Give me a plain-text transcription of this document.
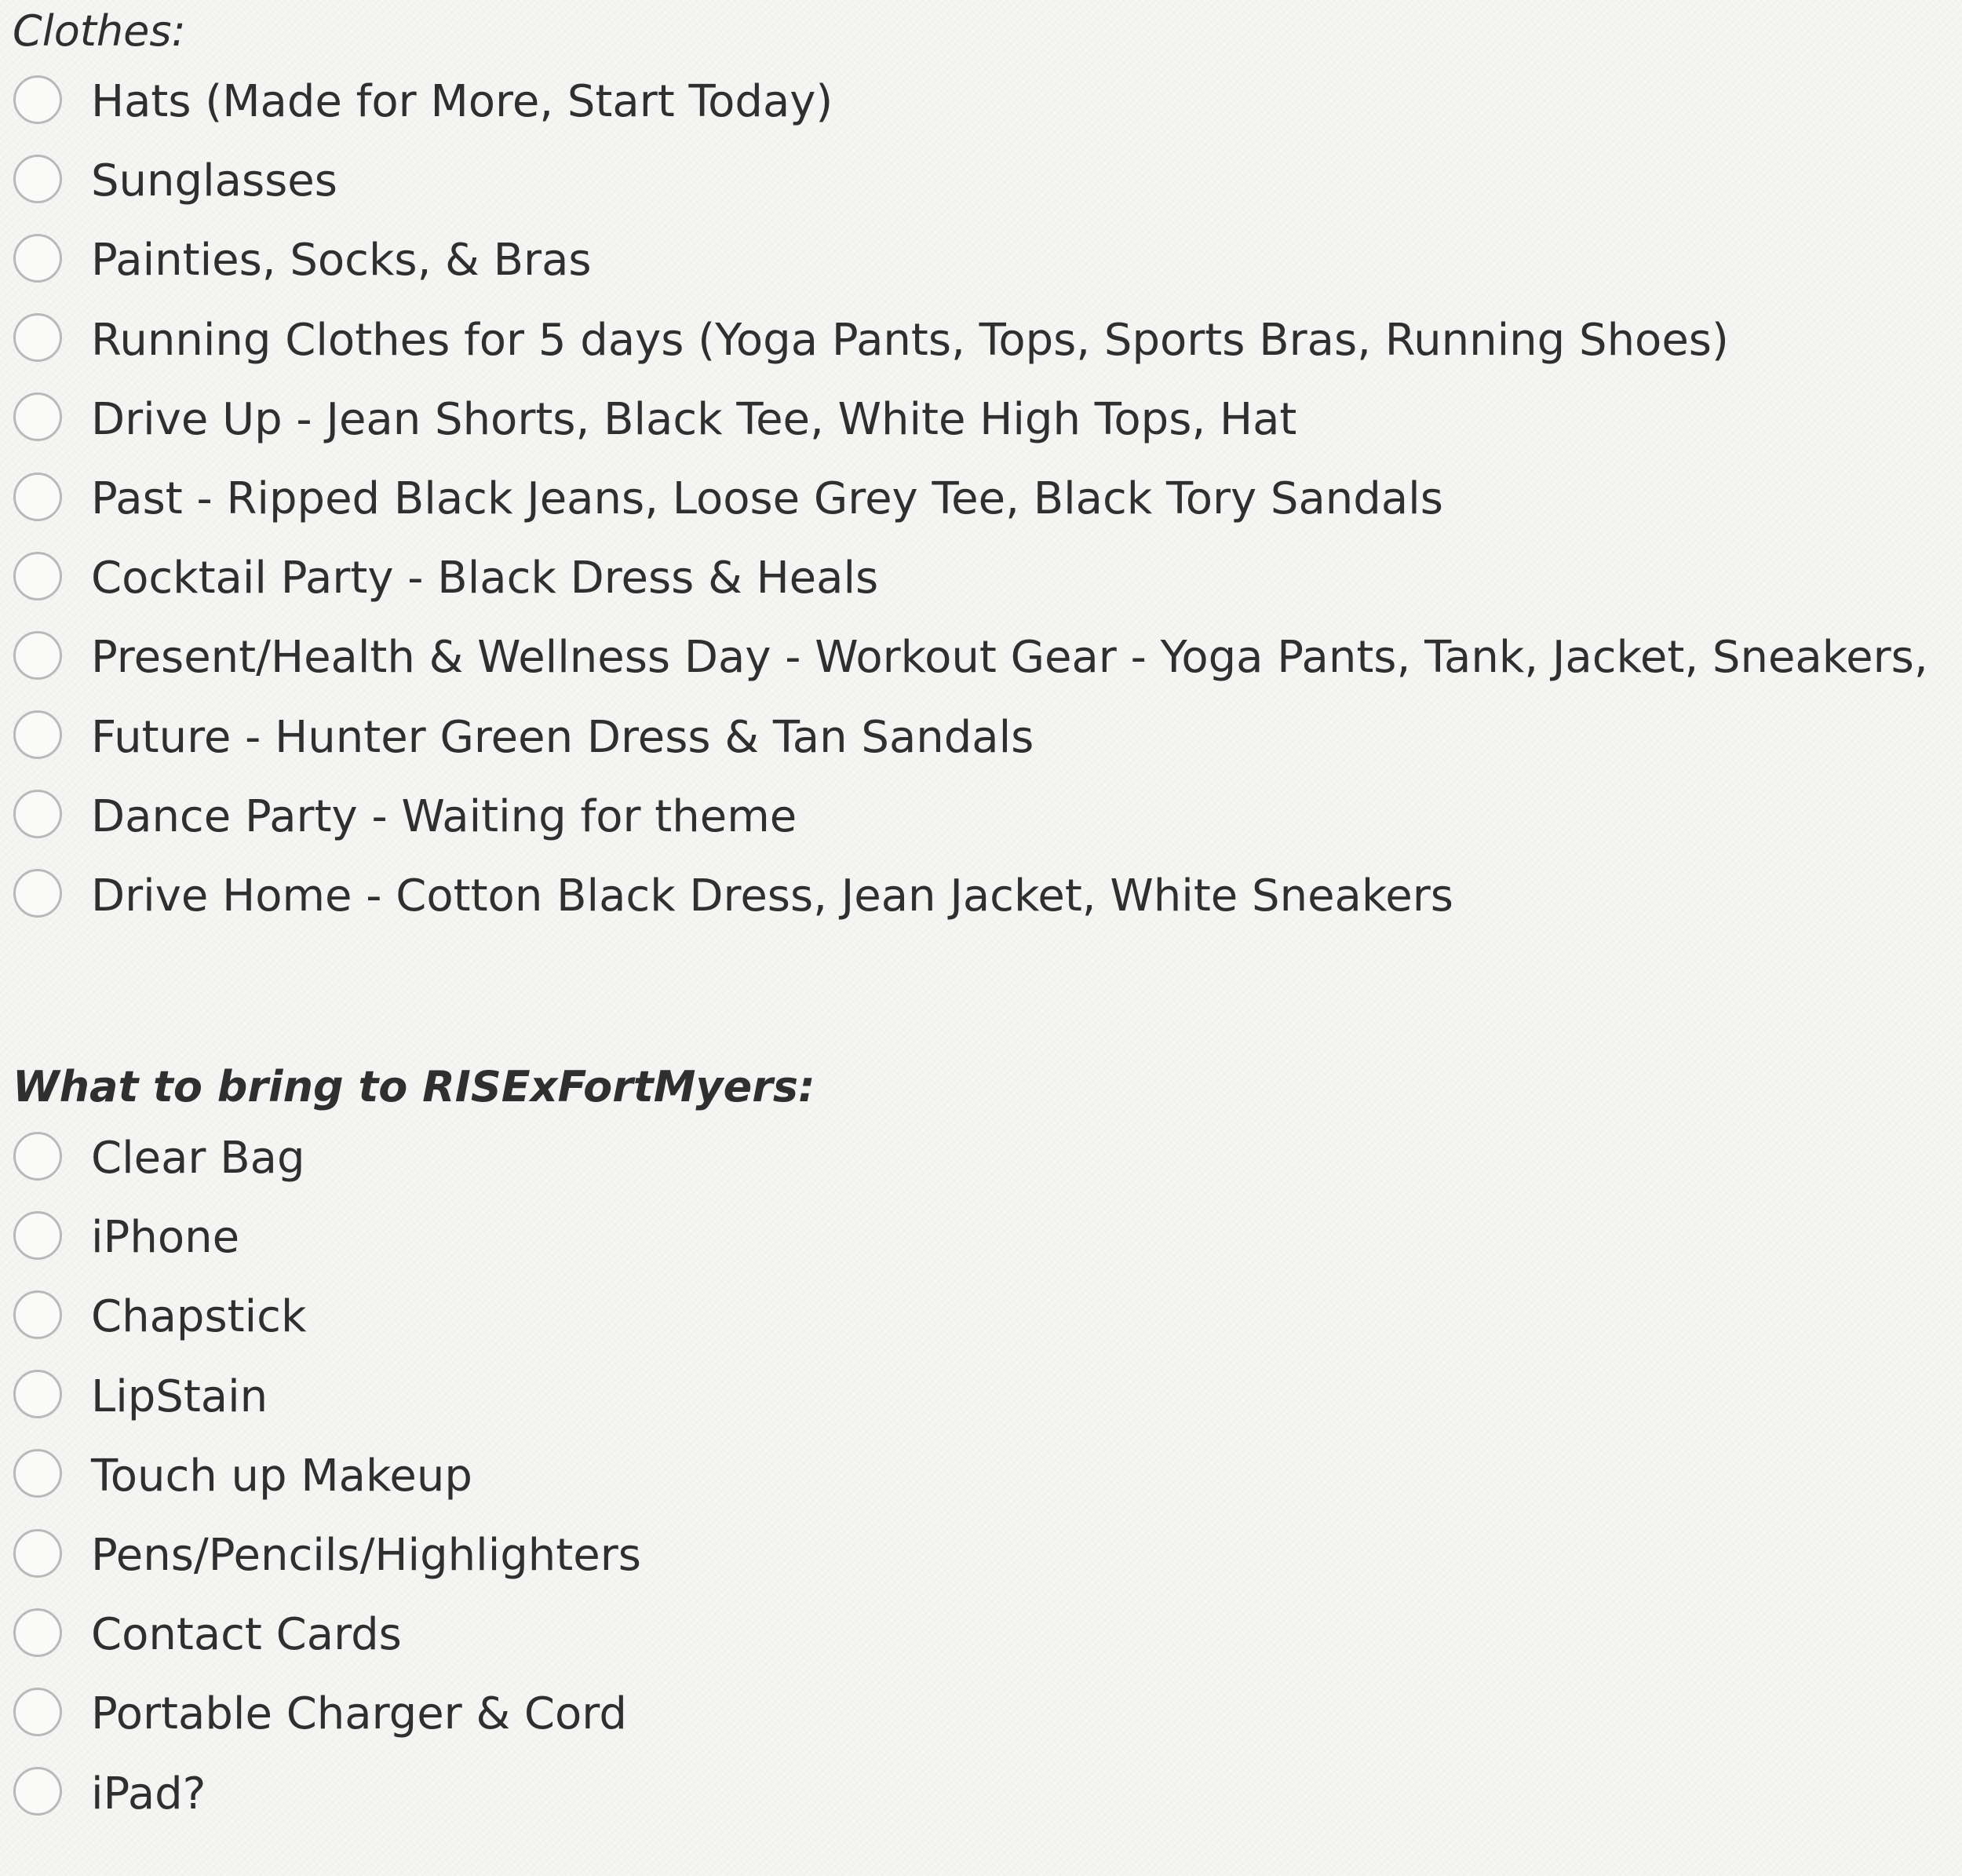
Clothes:
Hats (Made for More, Start Today)
Sunglasses
Painties, Socks, & Bras
Running Clothes for 5 days (Yoga Pants, Tops, Sports Bras, Running Shoes)
Drive Up - Jean Shorts, Black Tee, White High Tops, Hat
Past - Ripped Black Jeans, Loose Grey Tee, Black Tory Sandals
Cocktail Party - Black Dress & Heals
Present/Health & Wellness Day - Workout Gear - Yoga Pants, Tank, Jacket, Sneakers,
Future - Hunter Green Dress & Tan Sandals
Dance Party - Waiting for theme
Drive Home - Cotton Black Dress, Jean Jacket, White Sneakers
What to bring to RISExFortMyers:
Clear Bag
iPhone
Chapstick
LipStain
Touch up Makeup
Pens/Pencils/Highlighters
Contact Cards
Portable Charger & Cord
iPad?
